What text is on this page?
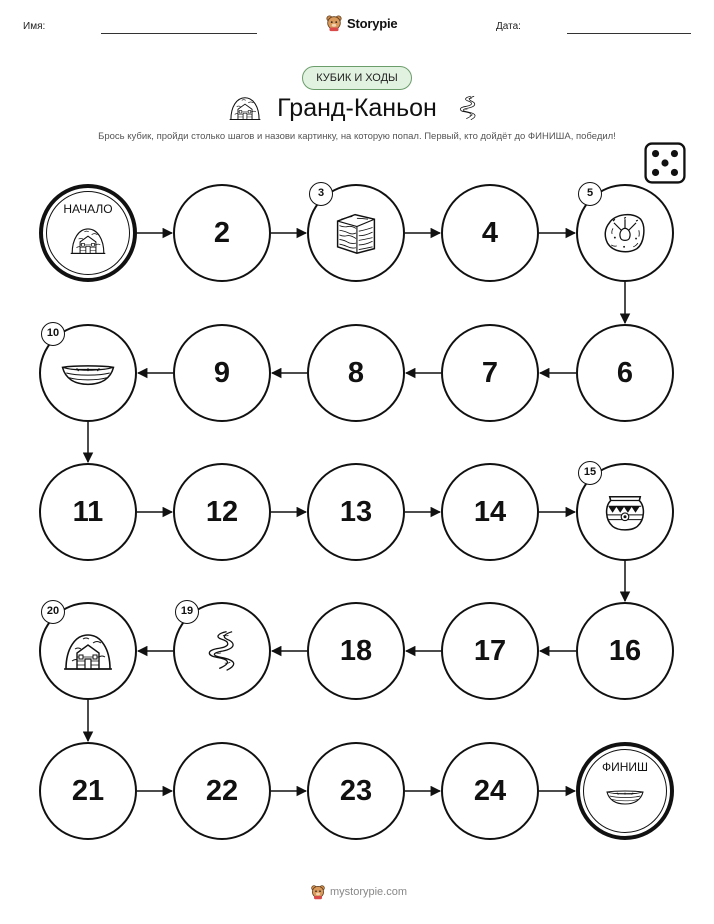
Имя:	Storypie	Дата:
КУБИК И ХОДЫ
Гранд-Каньон
Брось кубик, пройди столько шагов и назови картинку, на которую попал. Первый, кто дойдёт до ФИНИША, победил!
НАЧАЛО
2
3
4
5
6
7
8
9
10
11	12	13	14
15
16
17
18
19
20
21	22	23	24
ФИНИШ
mystorypie.com
